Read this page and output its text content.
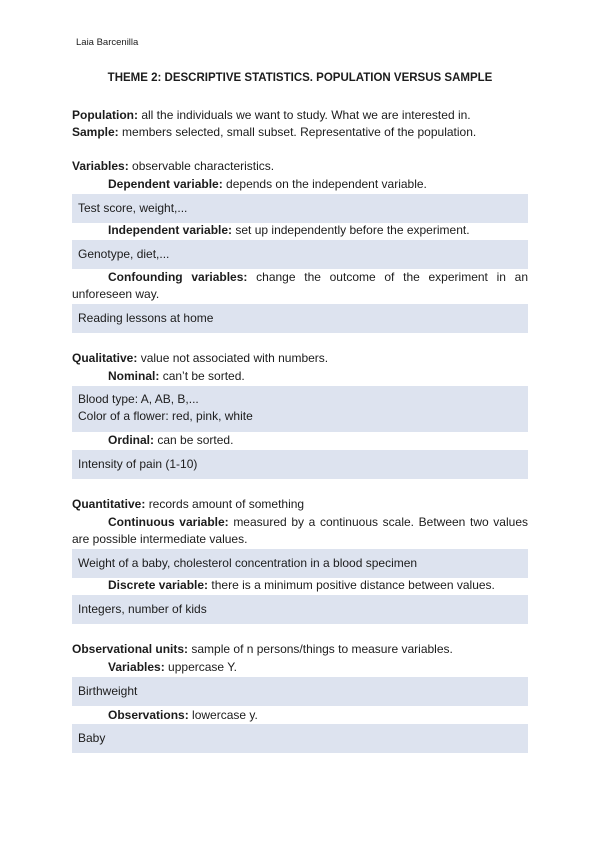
Laia Barcenilla
THEME 2: DESCRIPTIVE STATISTICS. POPULATION VERSUS SAMPLE
Population: all the individuals we want to study. What we are interested in.
Sample: members selected, small subset. Representative of the population.
Variables: observable characteristics.
Dependent variable: depends on the independent variable.
Test score, weight,...
Independent variable: set up independently before the experiment.
Genotype, diet,...
Confounding variables: change the outcome of the experiment in an
unforeseen way.
Reading lessons at home
Qualitative: value not associated with numbers.
Nominal: can’t be sorted.
Blood type: A, AB, B,...
Color of a flower: red, pink, white
Ordinal: can be sorted.
Intensity of pain (1-10)
Quantitative: records amount of something
Continuous variable: measured by a continuous scale. Between two values
are possible intermediate values.
Weight of a baby, cholesterol concentration in a blood specimen
Discrete variable: there is a minimum positive distance between values.
Integers, number of kids
Observational units: sample of n persons/things to measure variables.
Variables: uppercase Y.
Birthweight
Observations: lowercase y.
Baby
